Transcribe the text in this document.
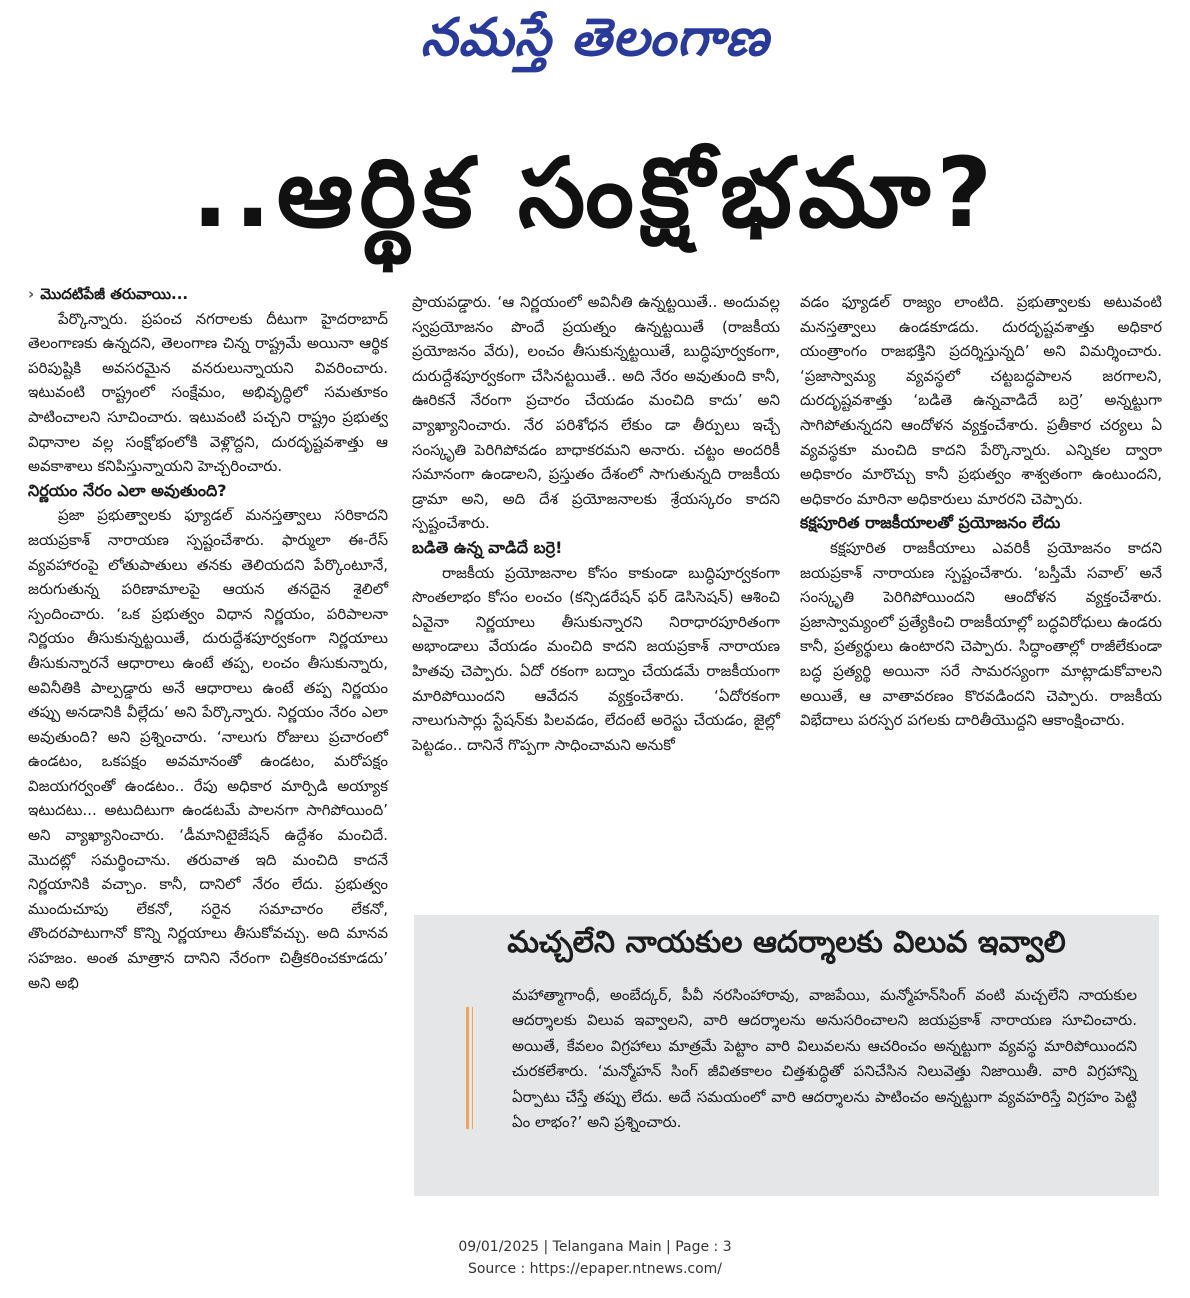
నమస్తే తెలంగాణ
..ఆర్థిక సంక్షోభమా?

› మొదటిపేజీ తరువాయి...

పేర్కొన్నారు. ప్రపంచ నగరాలకు దీటుగా హైదరాబాద్ తెలంగాణకు ఉన్నదని, తెలంగాణ చిన్న రాష్ట్రమే అయినా ఆర్థిక పరిపుష్టికి అవసరమైన వనరులున్నాయని వివరించారు. ఇటువంటి రాష్ట్రంలో సంక్షేమం, అభివృద్ధిలో సమతూకం పాటించాలని సూచించారు. ఇటువంటి పచ్చని రాష్ట్రం ప్రభుత్వ విధానాల వల్ల సంక్షోభంలోకి వెళ్లొద్దని, దురదృష్టవశాత్తు ఆ అవకాశాలు కనిపిస్తున్నాయని హెచ్చరించారు.

నిర్ణయం నేరం ఎలా అవుతుంది?

ప్రజా ప్రభుత్వాలకు ఫ్యూడల్ మనస్తత్వాలు సరికాదని జయప్రకాశ్ నారాయణ స్పష్టంచేశారు. ఫార్ములా ఈ-రేస్ వ్యవహారంపై లోతుపాతులు తనకు తెలియదని పేర్కొంటూనే, జరుగుతున్న పరిణామాలపై ఆయన తనదైన శైలిలో స్పందించారు. ‘ఒక ప్రభుత్వం విధాన నిర్ణయం, పరిపాలనా నిర్ణయం తీసుకున్నట్టయితే, దురుద్దేశపూర్వకంగా నిర్ణయాలు తీసుకున్నారనే ఆధారాలు ఉంటే తప్ప, లంచం తీసుకున్నారు, అవినీతికి పాల్పడ్డారు అనే ఆధారాలు ఉంటే తప్ప నిర్ణయం తప్పు అనడానికి వీల్లేదు’ అని పేర్కొన్నారు. నిర్ణయం నేరం ఎలా అవుతుంది? అని ప్రశ్నించారు. ‘నాలుగు రోజులు ప్రచారంలో ఉండటం, ఒకపక్షం అవమానంతో ఉండటం, మరోపక్షం విజయగర్వంతో ఉండటం.. రేపు అధికార మార్పిడి అయ్యాక ఇటుదటు... అటుదిటుగా ఉండటమే పాలనగా సాగిపోయింది’ అని వ్యాఖ్యానించారు. ‘డీమానిటైజేషన్ ఉద్దేశం మంచిదే. మొదట్లో సమర్థించాను. తరువాత ఇది మంచిది కాదనే నిర్ణయానికి వచ్చాం. కానీ, దానిలో నేరం లేదు. ప్రభుత్వం ముందుచూపు లేకనో, సరైన సమాచారం లేకనో, తొందరపాటుగానో కొన్ని నిర్ణయాలు తీసుకోవచ్చు. అది మానవ సహజం. అంత మాత్రాన దానిని నేరంగా చిత్రీకరించకూడదు’ అని అభి

ప్రాయపడ్డారు. ‘ఆ నిర్ణయంలో అవినీతి ఉన్నట్టయితే.. అందువల్ల స్వప్రయోజనం పొందే ప్రయత్నం ఉన్నట్టయితే (రాజకీయ ప్రయోజనం వేరు), లంచం తీసుకున్నట్టయితే, బుద్ధిపూర్వకంగా, దురుద్దేశపూర్వకంగా చేసినట్టయితే.. అది నేరం అవుతుంది కానీ, ఊరికనే నేరంగా ప్రచారం చేయడం మంచిది కాదు’ అని వ్యాఖ్యానించారు. నేర పరిశోధన లేకుం డా తీర్పులు ఇచ్చే సంస్కృతి పెరిగిపోవడం బాధాకరమని అనారు. చట్టం అందరికీ సమానంగా ఉండాలని, ప్రస్తుతం దేశంలో సాగుతున్నది రాజకీయ డ్రామా అని, అది దేశ ప్రయోజనాలకు శ్రేయస్కరం కాదని స్పష్టంచేశారు.

బడితె ఉన్న వాడిదే బర్రె!

రాజకీయ ప్రయోజనాల కోసం కాకుండా బుద్ధిపూర్వకంగా సొంతలాభం కోసం లంచం (కన్సిడరేషన్ ఫర్ డెసిసెషన్) ఆశించి ఏవైనా నిర్ణయాలు తీసుకున్నారని నిరాధారపూరితంగా అభాండాలు వేయడం మంచిది కాదని జయప్రకాశ్ నారాయణ హితవు చెప్పారు. ఏదో రకంగా బద్నాం చేయడమే రాజకీయంగా మారిపోయిందని ఆవేదన వ్యక్తంచేశారు. ‘ఏదోరకంగా నాలుగుసార్లు స్టేషన్‌కు పిలవడం, లేదంటే అరెస్టు చేయడం, జైల్లో పెట్టడం.. దానినే గొప్పగా సాధించామని అనుకో

వడం ఫ్యూడల్ రాజ్యం లాంటిది. ప్రభుత్వాలకు అటువంటి మనస్తత్వాలు ఉండకూడదు. దురదృష్టవశాత్తు అధికార యంత్రాంగం రాజభక్తిని ప్రదర్శిస్తున్నది’ అని విమర్శించారు. ‘ప్రజాస్వామ్య వ్యవస్థలో చట్టబద్ధపాలన జరగాలని, దురదృష్టవశాత్తు ‘బడితె ఉన్నవాడిదే బర్రె’ అన్నట్టుగా సాగిపోతున్నదని ఆందోళన వ్యక్తంచేశారు. ప్రతీకార చర్యలు ఏ వ్యవస్థకూ మంచిది కాదని పేర్కొన్నారు. ఎన్నికల ద్వారా అధికారం మారొచ్చు కానీ ప్రభుత్వం శాశ్వతంగా ఉంటుందని, అధికారం మారినా అధికారులు మారరని చెప్పారు.

కక్షపూరిత రాజకీయాలతో ప్రయోజనం లేదు

కక్షపూరిత రాజకీయాలు ఎవరికీ ప్రయోజనం కాదని జయప్రకాశ్ నారాయణ స్పష్టంచేశారు. ‘బస్తీమే సవాల్’ అనే సంస్కృతి పెరిగిపోయిందని ఆందోళన వ్యక్తంచేశారు. ప్రజాస్వామ్యంలో ప్రత్యేకించి రాజకీయాల్లో బద్ధవిరోధులు ఉండరు కానీ, ప్రత్యర్థులు ఉంటారని చెప్పారు. సిద్ధాంతాల్లో రాజీలేకుండా బద్ధ ప్రత్యర్థి అయినా సరే సామరస్యంగా మాట్లాడుకోవాలని అయితే, ఆ వాతావరణం కొరవడిందని చెప్పారు. రాజకీయ విభేదాలు పరస్పర పగలకు దారితీయొద్దని ఆకాంక్షించారు.

మచ్చలేని నాయకుల ఆదర్శాలకు విలువ ఇవ్వాలి
మహాత్మాగాంధీ, అంబేద్కర్, పీవీ నరసింహారావు, వాజపేయి, మన్మోహన్‌సింగ్ వంటి మచ్చలేని నాయకుల ఆదర్శాలకు విలువ ఇవ్వాలని, వారి ఆదర్శాలను అనుసరించాలని జయప్రకాశ్ నారాయణ సూచించారు. అయితే, కేవలం విగ్రహాలు మాత్రమే పెట్టాం వారి విలువలను ఆచరించం అన్నట్టుగా వ్యవస్థ మారిపోయిందని చురకలేశారు. ‘మన్మోహన్ సింగ్ జీవితకాలం చిత్తశుద్ధితో పనిచేసిన నిలువెత్తు నిజాయితీ. వారి విగ్రహాన్ని ఏర్పాటు చేస్తే తప్పు లేదు. అదే సమయంలో వారి ఆదర్శాలను పాటించం అన్నట్టుగా వ్యవహరిస్తే విగ్రహం పెట్టి ఏం లాభం?’ అని ప్రశ్నించారు.
09/01/2025 | Telangana Main | Page : 3
Source : https://epaper.ntnews.com/
